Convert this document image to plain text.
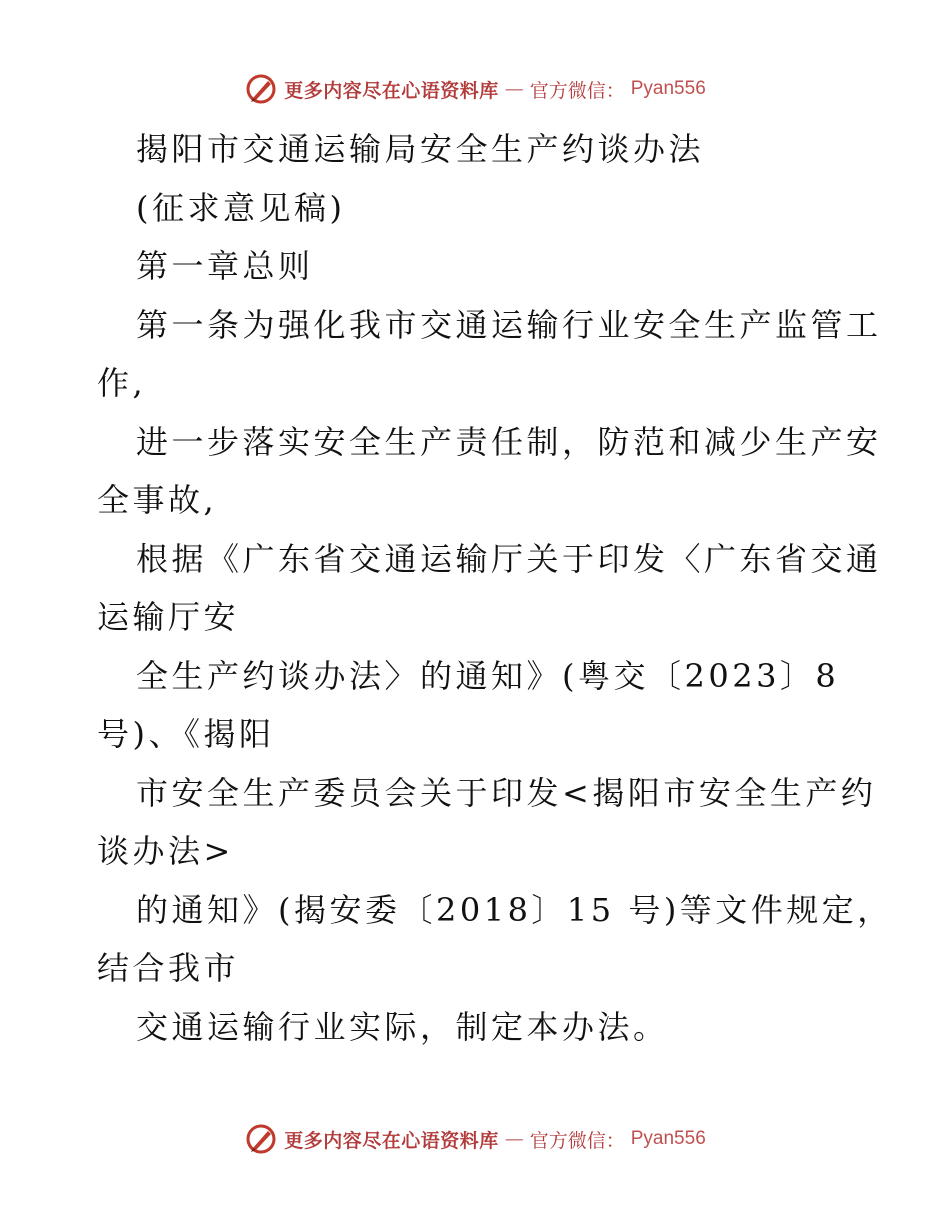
更多内容尽在心语资料库 — 官方微信： Pyan556
揭阳市交通运输局安全生产约谈办法
(征求意见稿)
第一章总则
第一条为强化我市交通运输行业安全生产监管工
作,
进一步落实安全生产责任制，防范和减少生产安
全事故,
根据《广东省交通运输厅关于印发〈广东省交通
运输厅安
全生产约谈办法〉的通知》(粤交〔2023〕8
号)、《揭阳
市安全生产委员会关于印发<揭阳市安全生产约
谈办法>
的通知》(揭安委〔2018〕15 号)等文件规定，
结合我市
交通运输行业实际，制定本办法。
更多内容尽在心语资料库 — 官方微信： Pyan556
